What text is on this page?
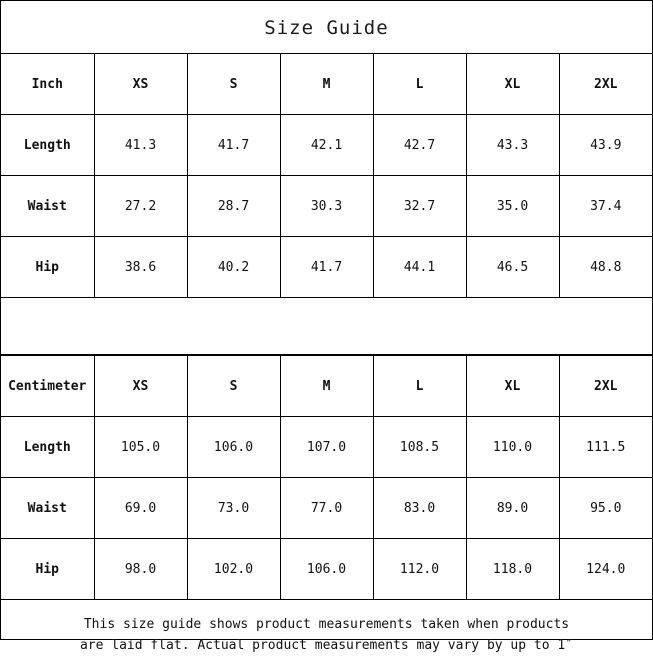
Size Guide
Inch	XS	S	M	L	XL	2XL
Length	41.3	41.7	42.1	42.7	43.3	43.9
Waist	27.2	28.7	30.3	32.7	35.0	37.4
Hip	38.6	40.2	41.7	44.1	46.5	48.8
Centimeter	XS	S	M	L	XL	2XL
Length	105.0	106.0	107.0	108.5	110.0	111.5
Waist	69.0	73.0	77.0	83.0	89.0	95.0
Hip	98.0	102.0	106.0	112.0	118.0	124.0
This size guide shows product measurements taken when products
are laid flat. Actual product measurements may vary by up to 1″
